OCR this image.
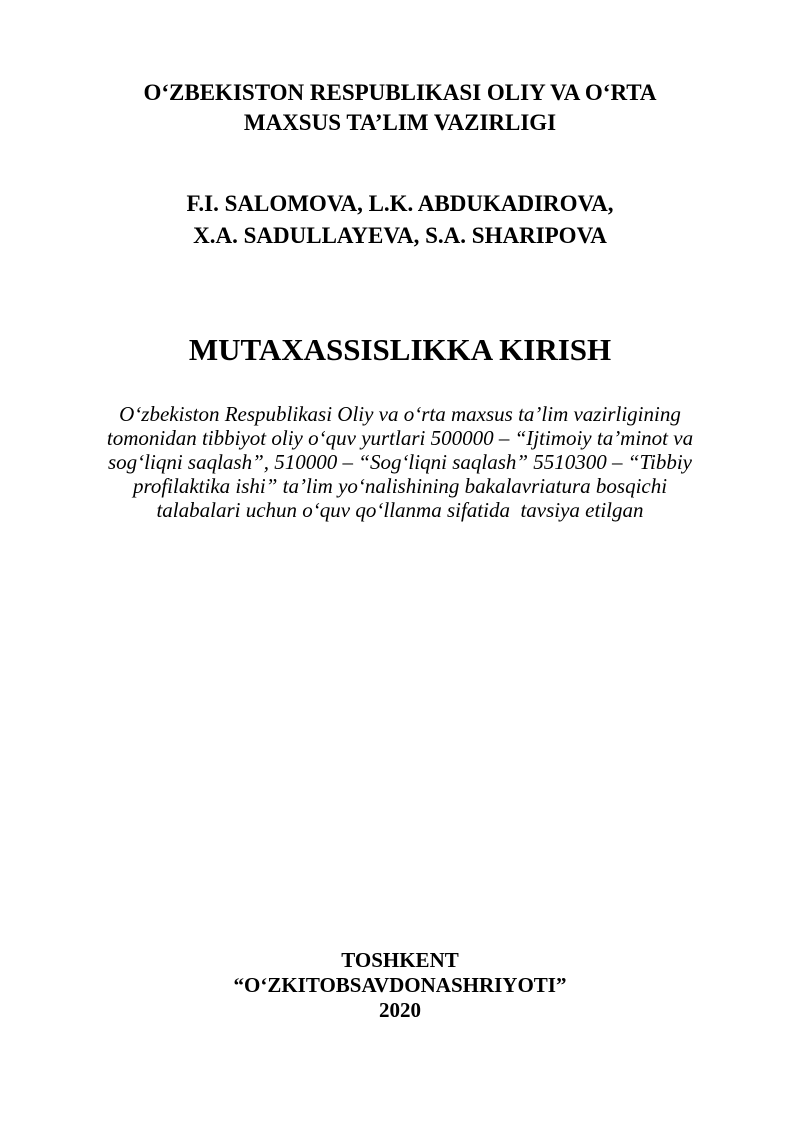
O‘ZBEKISTON RESPUBLIKASI OLIY VA O‘RTA
MAXSUS TA’LIM VAZIRLIGI
F.I. SALOMOVA, L.K. ABDUKADIROVA,
X.A. SADULLAYEVA, S.A. SHARIPOVA
MUTAXASSISLIKKA KIRISH
O‘zbekiston Respublikasi Oliy va o‘rta maxsus ta’lim vazirligining
tomonidan tibbiyot oliy o‘quv yurtlari 500000 – “Ijtimoiy ta’minot va
sog‘liqni saqlash”, 510000 – “Sog‘liqni saqlash” 5510300 – “Tibbiy
profilaktika ishi” ta’lim yo‘nalishining bakalavriatura bosqichi
talabalari uchun o‘quv qo‘llanma sifatida  tavsiya etilgan
TOSHKENT
“O‘ZKITOBSAVDONASHRIYOTI”
2020
